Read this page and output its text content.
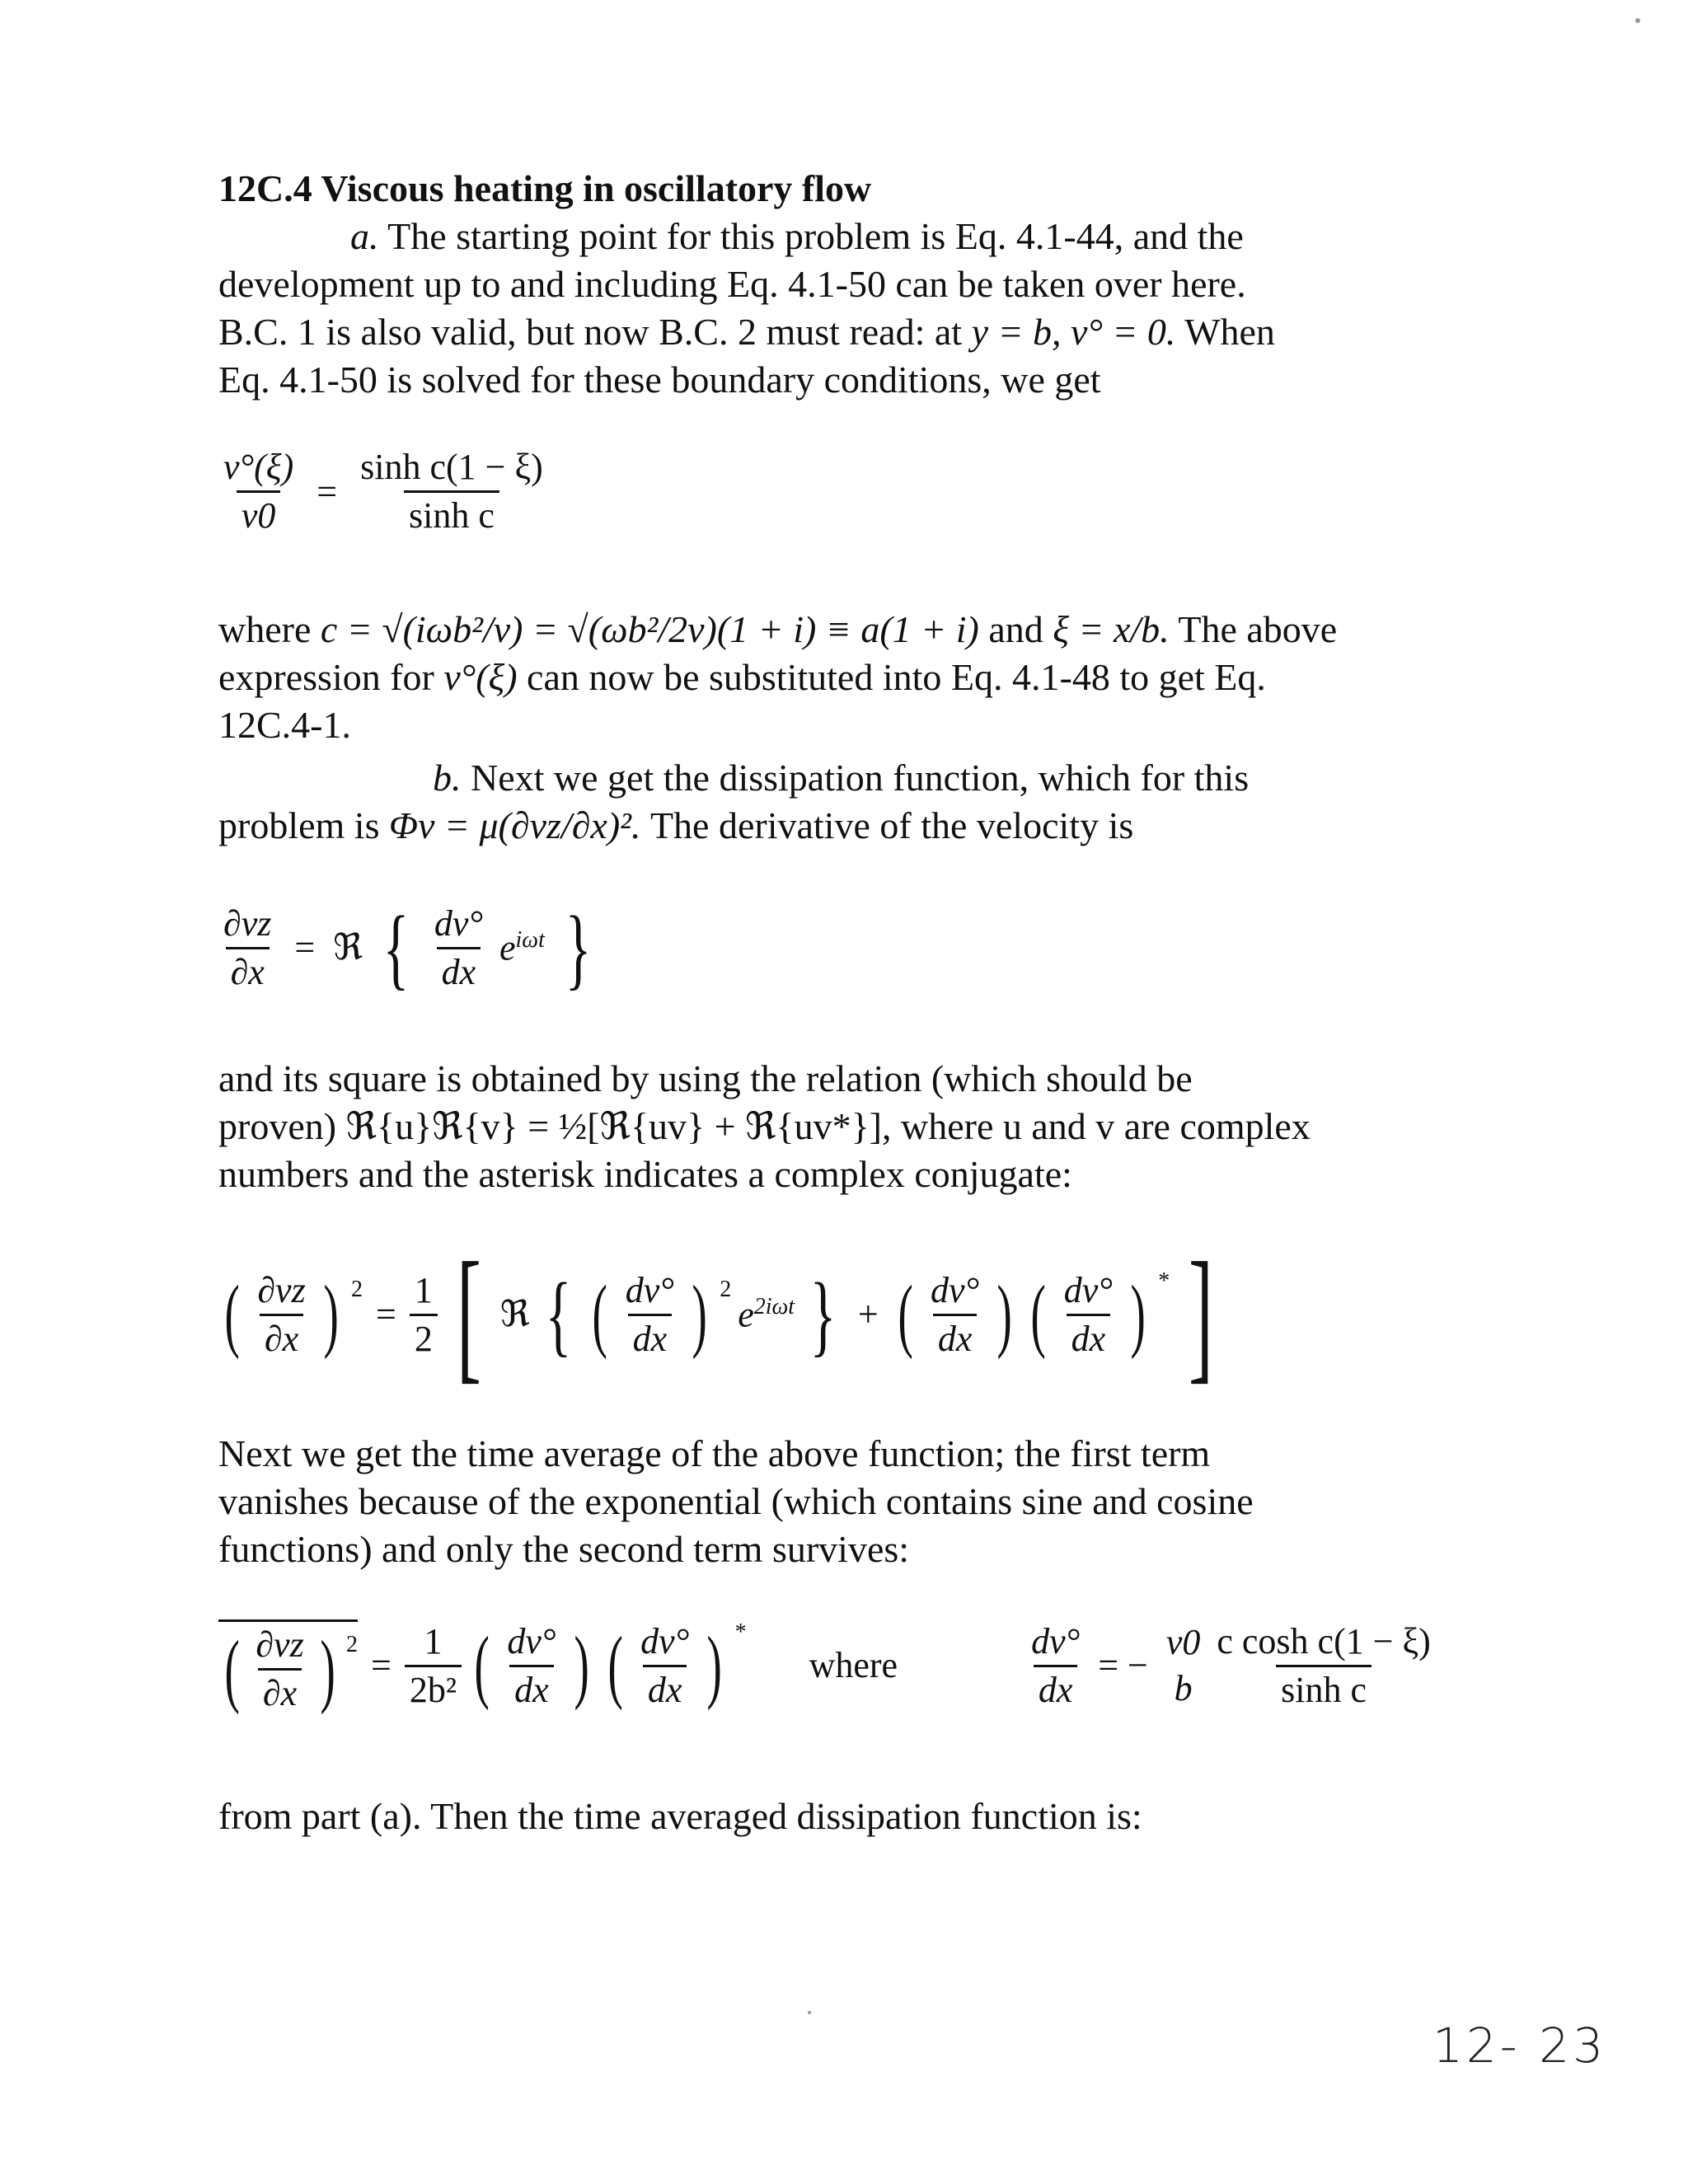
12C.4 Viscous heating in oscillatory flow
a. The starting point for this problem is Eq. 4.1-44, and the
development up to and including Eq. 4.1-50 can be taken over here.
B.C. 1 is also valid, but now B.C. 2 must read: at y = b, v° = 0. When
Eq. 4.1-50 is solved for these boundary conditions, we get
$\frac{v^\circ(\xi)}{v0} = \frac{\text{sinh c(1 − ξ)}}{\text{sinh c}}$
where c = √(iωb²/ν) = √(ωb²/2ν)(1 + i) ≡ a(1 + i) and ξ = x/b. The above
expression for v°(ξ) can now be substituted into Eq. 4.1-48 to get Eq.
12C.4-1.
b. Next we get the dissipation function, which for this
problem is Φv = μ(∂vz/∂x)². The derivative of the velocity is
$\frac{\partial vz}{\partial x}$ = ℜ { $\frac{dv^\circ}{dx} e^{i\omega t}$ }
and its square is obtained by using the relation (which should be
proven) ℜ{u}ℜ{v} = ½[ℜ{uv} + ℜ{uv*}], where u and v are complex
numbers and the asterisk indicates a complex conjugate:
( $\frac{\partial vz}{\partial x}$ ) $^2$
= $\frac{1}{2}$ [ ℜ { ( $\frac{dv^\circ}{dx}$ ) $^2$
$e^{2i\omega t}$ } + ( $\frac{dv^\circ}{dx}$ ) ( $\frac{dv^\circ}{dx}$ ) * ]
Next we get the time average of the above function; the first term
vanishes because of the exponential (which contains sine and cosine
functions) and only the second term survives:
( $\frac{\partial vz}{\partial x}$ ) $^2$
= $\frac{1}{\text{2b²}}$ ( $\frac{dv^\circ}{dx}$ ) ( $\frac{dv^\circ}{dx}$ ) *
where	$\frac{dv^\circ}{dx}$ = −
v0
b $\frac{\text{c cosh c(1 − ξ)}}{\text{sinh c}}$
from part (a). Then the time averaged dissipation function is:
12- 23
